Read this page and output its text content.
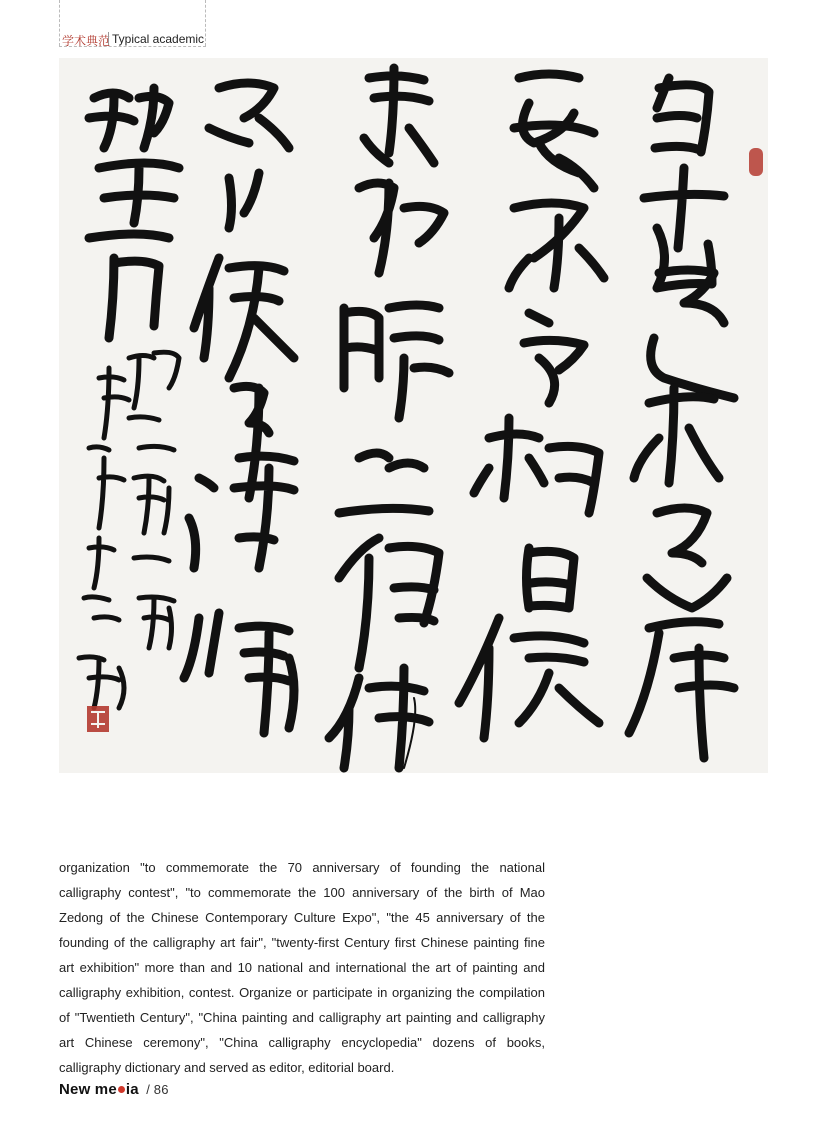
学术典范 Typical academic

organization "to commemorate the 70 anniversary of founding the national calligraphy contest", "to commemorate the 100 anniversary of the birth of Mao Zedong of the Chinese Contemporary Culture Expo", "the 45 anniversary of the founding of the calligraphy art fair", "twenty-first Century first Chinese painting fine art exhibition" more than and 10 national and international the art of painting and calligraphy exhibition, contest. Organize or participate in organizing the compilation of "Twentieth Century", "China painting and calligraphy art painting and calligraphy art Chinese ceremony", "China calligraphy encyclopedia" dozens of books, calligraphy dictionary and served as editor, editorial board.

New me ia / 86
